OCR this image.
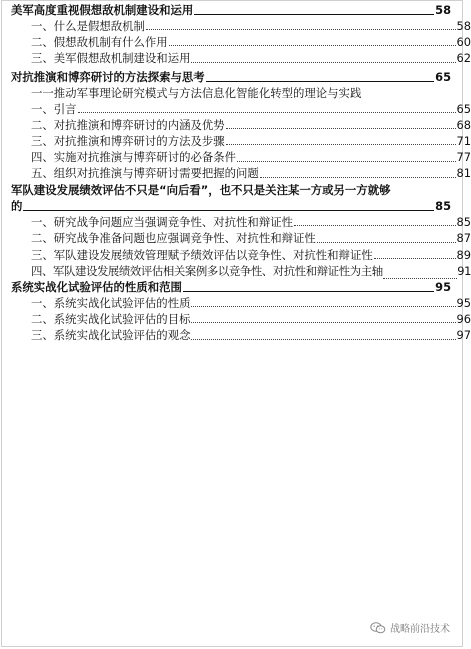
美军高度重视假想敌机制建设和运用	58
一、什么是假想敌机制	58
二、假想敌机制有什么作用	60
三、美军假想敌机制建设和运用	62
对抗推演和博弈研讨的方法探索与思考	65
一一推动军事理论研究模式与方法信息化智能化转型的理论与实践
一、引言	65
二、对抗推演和博弈研讨的内涵及优势	68
三、对抗推演和博弈研讨的方法及步骤	71
四、实施对抗推演与博弈研讨的必备条件	77
五、组织对抗推演与博弈研讨需要把握的问题	81
军队建设发展绩效评估不只是“向后看”，也不只是关注某一方或另一方就够
的	85
一、研究战争问题应当强调竞争性、对抗性和辩证性	85
二、研究战争准备问题也应强调竞争性、对抗性和辩证性	87
三、军队建设发展绩效管理赋予绩效评估以竞争性、对抗性和辩证性	89
四、军队建设发展绩效评估相关案例多以竞争性、对抗性和辩证性为主轴	91
系统实战化试验评估的性质和范围	95
一、系统实战化试验评估的性质	95
二、系统实战化试验评估的目标	96
三、系统实战化试验评估的观念	97
战略前沿技术
